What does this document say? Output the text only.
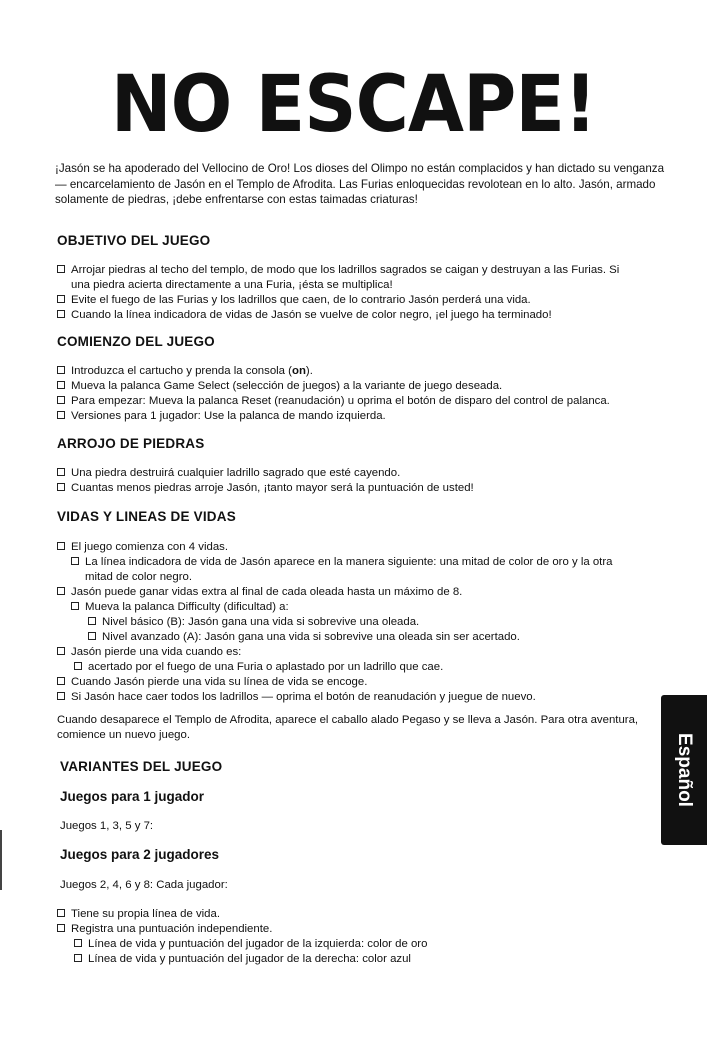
NO ESCAPE!
¡Jasón se ha apoderado del Vellocino de Oro! Los dioses del Olimpo no están complacidos y han dictado su venganza — encarcelamiento de Jasón en el Templo de Afrodita. Las Furias enloquecidas revolotean en lo alto. Jasón, armado solamente de piedras, ¡debe enfrentarse con estas taimadas criaturas!
OBJETIVO DEL JUEGO
Arrojar piedras al techo del templo, de modo que los ladrillos sagrados se caigan y destruyan a las Furias. Si
una piedra acierta directamente a una Furia, ¡ésta se multiplica!
Evite el fuego de las Furias y los ladrillos que caen, de lo contrario Jasón perderá una vida.
Cuando la línea indicadora de vidas de Jasón se vuelve de color negro, ¡el juego ha terminado!
COMIENZO DEL JUEGO
Introduzca el cartucho y prenda la consola (on).
Mueva la palanca Game Select (selección de juegos) a la variante de juego deseada.
Para empezar: Mueva la palanca Reset (reanudación) u oprima el botón de disparo del control de palanca.
Versiones para 1 jugador: Use la palanca de mando izquierda.
ARROJO DE PIEDRAS
Una piedra destruirá cualquier ladrillo sagrado que esté cayendo.
Cuantas menos piedras arroje Jasón, ¡tanto mayor será la puntuación de usted!
VIDAS Y LINEAS DE VIDAS
El juego comienza con 4 vidas.
La línea indicadora de vida de Jasón aparece en la manera siguiente: una mitad de color de oro y la otra
mitad de color negro.
Jasón puede ganar vidas extra al final de cada oleada hasta un máximo de 8.
Mueva la palanca Difficulty (dificultad) a:
Nivel básico (B): Jasón gana una vida si sobrevive una oleada.
Nivel avanzado (A): Jasón gana una vida si sobrevive una oleada sin ser acertado.
Jasón pierde una vida cuando es:
acertado por el fuego de una Furia o aplastado por un ladrillo que cae.
Cuando Jasón pierde una vida su línea de vida se encoge.
Si Jasón hace caer todos los ladrillos — oprima el botón de reanudación y juegue de nuevo.
Cuando desaparece el Templo de Afrodita, aparece el caballo alado Pegaso y se lleva a Jasón. Para otra aventura, comience un nuevo juego.
VARIANTES DEL JUEGO
Juegos para 1 jugador
Juegos 1, 3, 5 y 7:
Juegos para 2 jugadores
Juegos 2, 4, 6 y 8: Cada jugador:
Tiene su propia línea de vida.
Registra una puntuación independiente.
Línea de vida y puntuación del jugador de la izquierda: color de oro
Línea de vida y puntuación del jugador de la derecha: color azul
Español
